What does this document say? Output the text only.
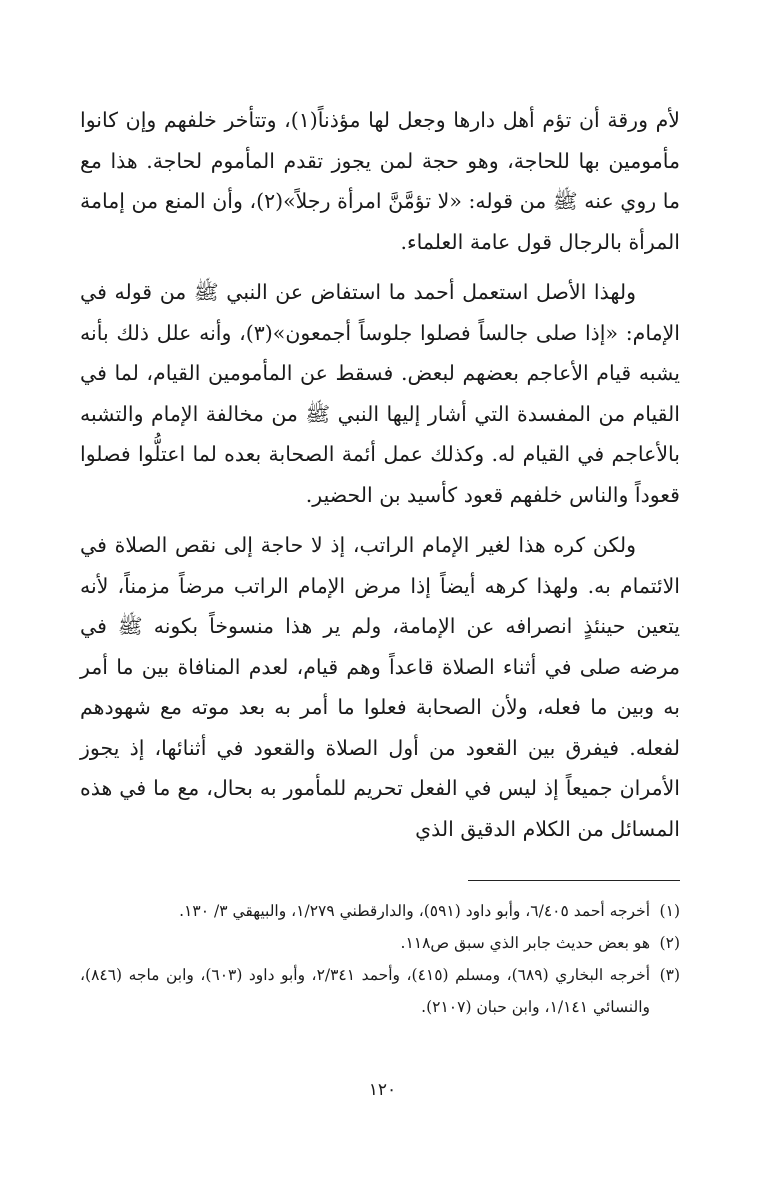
لأم ورقة أن تؤم أهل دارها وجعل لها مؤذناً(١)، وتتأخر خلفهم وإن كانوا مأمومين بها للحاجة، وهو حجة لمن يجوز تقدم المأموم لحاجة. هذا مع ما روي عنه ﷺ من قوله: «لا تؤمَّنَّ امرأة رجلاً»(٢)، وأن المنع من إمامة المرأة بالرجال قول عامة العلماء.

ولهذا الأصل استعمل أحمد ما استفاض عن النبي ﷺ من قوله في الإمام: «إذا صلى جالساً فصلوا جلوساً أجمعون»(٣)، وأنه علل ذلك بأنه يشبه قيام الأعاجم بعضهم لبعض. فسقط عن المأمومين القيام، لما في القيام من المفسدة التي أشار إليها النبي ﷺ من مخالفة الإمام والتشبه بالأعاجم في القيام له. وكذلك عمل أئمة الصحابة بعده لما اعتلُّوا فصلوا قعوداً والناس خلفهم قعود كأسيد بن الحضير.

ولكن كره هذا لغير الإمام الراتب، إذ لا حاجة إلى نقص الصلاة في الائتمام به. ولهذا كرهه أيضاً إذا مرض الإمام الراتب مرضاً مزمناً، لأنه يتعين حينئذٍ انصرافه عن الإمامة، ولم ير هذا منسوخاً بكونه ﷺ في مرضه صلى في أثناء الصلاة قاعداً وهم قيام، لعدم المنافاة بين ما أمر به وبين ما فعله، ولأن الصحابة فعلوا ما أمر به بعد موته مع شهودهم لفعله. فيفرق بين القعود من أول الصلاة والقعود في أثنائها، إذ يجوز الأمران جميعاً إذ ليس في الفعل تحريم للمأمور به بحال، مع ما في هذه المسائل من الكلام الدقيق الذي

(١)أخرجه أحمد ٦/٤٠٥، وأبو داود (٥٩١)، والدارقطني ١/٢٧٩، والبيهقي ٣/ ١٣٠.

(٢)هو بعض حديث جابر الذي سبق ص١١٨.

(٣)أخرجه البخاري (٦٨٩)، ومسلم (٤١٥)، وأحمد ٢/٣٤١، وأبو داود (٦٠٣)، وابن ماجه (٨٤٦)، والنسائي ١/١٤١، وابن حبان (٢١٠٧).

١٢٠
